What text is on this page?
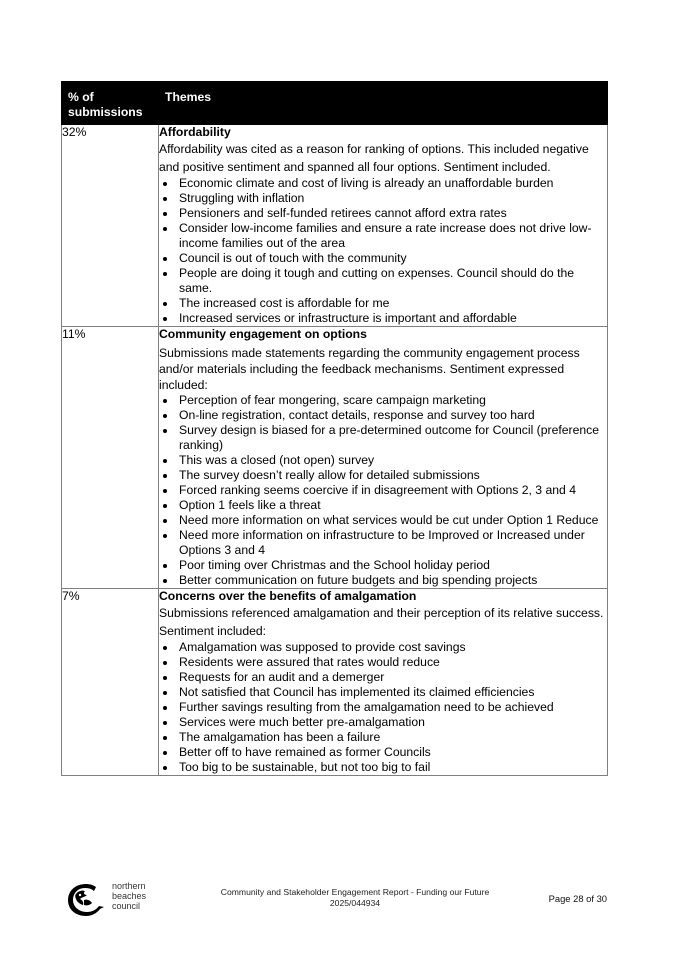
% of submissions	Themes
32%	Affordability
Affordability was cited as a reason for ranking of options. This included negative and positive sentiment and spanned all four options. Sentiment included.
Economic climate and cost of living is already an unaffordable burden
Struggling with inflation
Pensioners and self-funded retirees cannot afford extra rates
Consider low-income families and ensure a rate increase does not drive low-income families out of the area
Council is out of touch with the community
People are doing it tough and cutting on expenses. Council should do the same.
The increased cost is affordable for me
Increased services or infrastructure is important and affordable

11%	Community engagement on options
Submissions made statements regarding the community engagement process and/or materials including the feedback mechanisms. Sentiment expressed included:
Perception of fear mongering, scare campaign marketing
On-line registration, contact details, response and survey too hard
Survey design is biased for a pre-determined outcome for Council (preference ranking)
This was a closed (not open) survey
The survey doesn’t really allow for detailed submissions
Forced ranking seems coercive if in disagreement with Options 2, 3 and 4
Option 1 feels like a threat
Need more information on what services would be cut under Option 1 Reduce
Need more information on infrastructure to be Improved or Increased under Options 3 and 4
Poor timing over Christmas and the School holiday period
Better communication on future budgets and big spending projects

7%	Concerns over the benefits of amalgamation
Submissions referenced amalgamation and their perception of its relative success. Sentiment included:
Amalgamation was supposed to provide cost savings
Residents were assured that rates would reduce
Requests for an audit and a demerger
Not satisfied that Council has implemented its claimed efficiencies
Further savings resulting from the amalgamation need to be achieved
Services were much better pre-amalgamation
The amalgamation has been a failure
Better off to have remained as former Councils
Too big to be sustainable, but not too big to fail
northern
beaches
council
Community and Stakeholder Engagement Report - Funding our Future
2025/044934	Page 28 of 30
